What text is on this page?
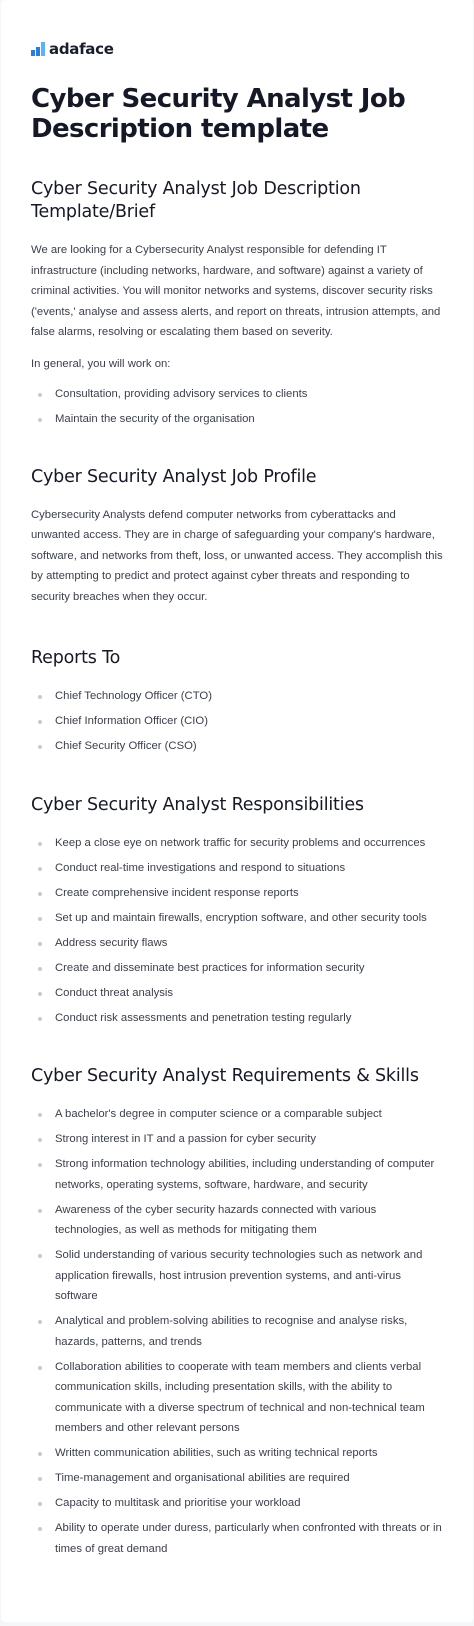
adaface
Cyber Security Analyst Job Description template
Cyber Security Analyst Job Description Template/Brief

We are looking for a Cybersecurity Analyst responsible for defending IT infrastructure (including networks, hardware, and software) against a variety of criminal activities. You will monitor networks and systems, discover security risks ('events,' analyse and assess alerts, and report on threats, intrusion attempts, and false alarms, resolving or escalating them based on severity.

In general, you will work on:

Consultation, providing advisory services to clients
Maintain the security of the organisation
Cyber Security Analyst Job Profile

Cybersecurity Analysts defend computer networks from cyberattacks and unwanted access. They are in charge of safeguarding your company's hardware, software, and networks from theft, loss, or unwanted access. They accomplish this by attempting to predict and protect against cyber threats and responding to security breaches when they occur.

Reports To
Chief Technology Officer (CTO)
Chief Information Officer (CIO)
Chief Security Officer (CSO)
Cyber Security Analyst Responsibilities
Keep a close eye on network traffic for security problems and occurrences
Conduct real-time investigations and respond to situations
Create comprehensive incident response reports
Set up and maintain firewalls, encryption software, and other security tools
Address security flaws
Create and disseminate best practices for information security
Conduct threat analysis
Conduct risk assessments and penetration testing regularly
Cyber Security Analyst Requirements & Skills
A bachelor's degree in computer science or a comparable subject
Strong interest in IT and a passion for cyber security
Strong information technology abilities, including understanding of computer networks, operating systems, software, hardware, and security
Awareness of the cyber security hazards connected with various technologies, as well as methods for mitigating them
Solid understanding of various security technologies such as network and application firewalls, host intrusion prevention systems, and anti-virus software
Analytical and problem-solving abilities to recognise and analyse risks, hazards, patterns, and trends
Collaboration abilities to cooperate with team members and clients verbal communication skills, including presentation skills, with the ability to communicate with a diverse spectrum of technical and non-technical team members and other relevant persons
Written communication abilities, such as writing technical reports
Time-management and organisational abilities are required
Capacity to multitask and prioritise your workload
Ability to operate under duress, particularly when confronted with threats or in times of great demand
